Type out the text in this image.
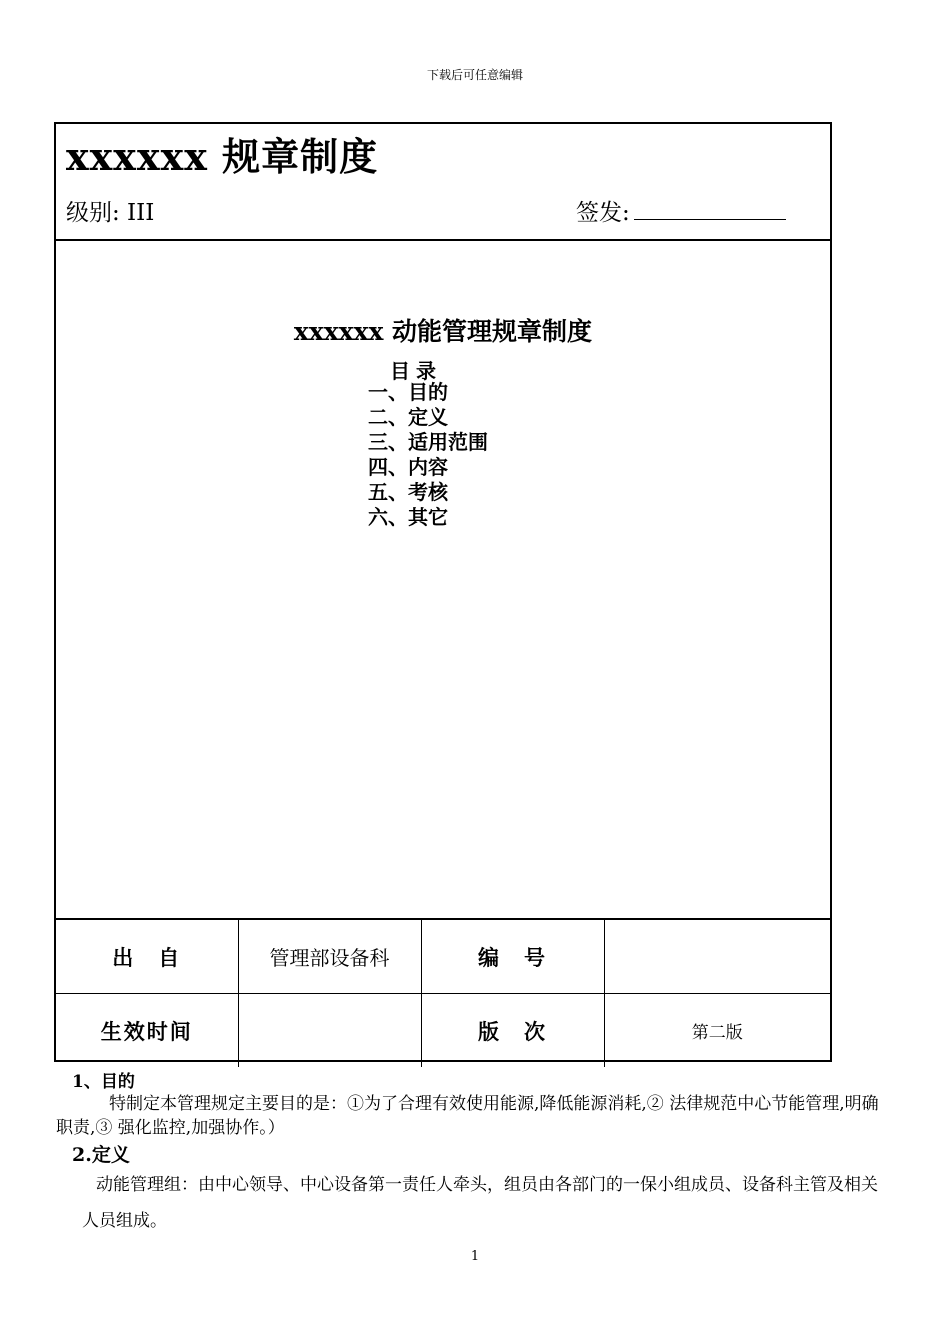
下载后可任意编辑
xxxxxx 规章制度
级别: III	签发:
xxxxxx 动能管理规章制度
目录
一、目的
二、定义
三、适用范围
四、内容
五、考核
六、其它
出　自	管理部设备科	编　号	
生效时间		版　次	第二版

1、目的

特制定本管理规定主要目的是：①为了合理有效使用能源,降低能源消耗,② 法律规范中心节能管理,明确职责,③ 强化监控,加强协作。）

2.定义

动能管理组：由中心领导、中心设备第一责任人牵头，组员由各部门的一保小组成员、设备科主管及相关人员组成。

1
